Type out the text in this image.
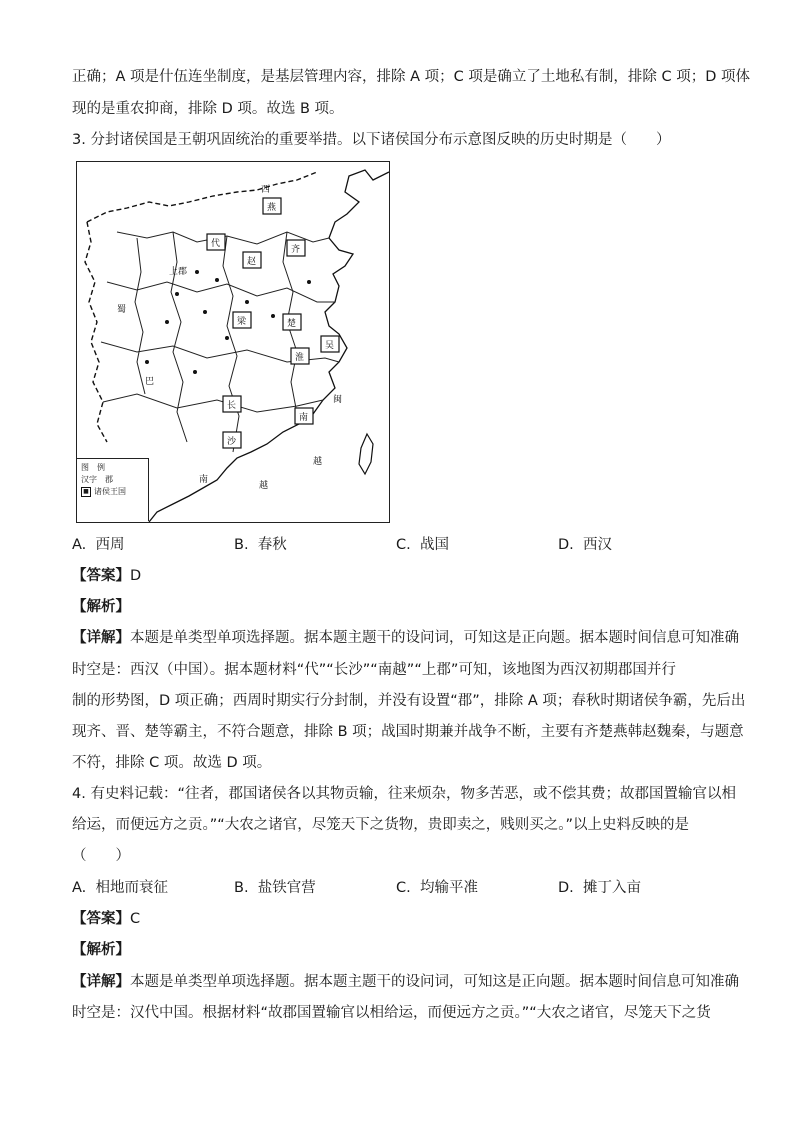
正确；A 项是什伍连坐制度，是基层管理内容，排除 A 项；C 项是确立了土地私有制，排除 C 项；D 项体
现的是重农抑商，排除 D 项。故选 B 项。
3. 分封诸侯国是王朝巩固统治的重要举措。以下诸侯国分布示意图反映的历史时期是（　　）
代
赵
齐
燕
楚
梁
淮
吴
长
沙
南
越
闽
上郡
蜀
巴
西
南
越
图　例
汉字　郡
■ 诸侯王国
A. 西周	B. 春秋	C. 战国	D. 西汉
【答案】D
【解析】
【详解】本题是单类型单项选择题。据本题主题干的设问词，可知这是正向题。据本题时间信息可知准确
时空是：西汉（中国）。据本题材料“代”“长沙”“南越”“上郡”可知，该地图为西汉初期郡国并行
制的形势图，D 项正确；西周时期实行分封制，并没有设置“郡”，排除 A 项；春秋时期诸侯争霸，先后出
现齐、晋、楚等霸主，不符合题意，排除 B 项；战国时期兼并战争不断，主要有齐楚燕韩赵魏秦，与题意
不符，排除 C 项。故选 D 项。
4. 有史料记载：“往者，郡国诸侯各以其物贡输，往来烦杂，物多苦恶，或不偿其费；故郡国置输官以相
给运，而便远方之贡。”“大农之诸官，尽笼天下之货物，贵即卖之，贱则买之。”以上史料反映的是
（　　）
A. 相地而衰征	B. 盐铁官营	C. 均输平准	D. 摊丁入亩
【答案】C
【解析】
【详解】本题是单类型单项选择题。据本题主题干的设问词，可知这是正向题。据本题时间信息可知准确
时空是：汉代中国。根据材料“故郡国置输官以相给运，而便远方之贡。”“大农之诸官，尽笼天下之货
